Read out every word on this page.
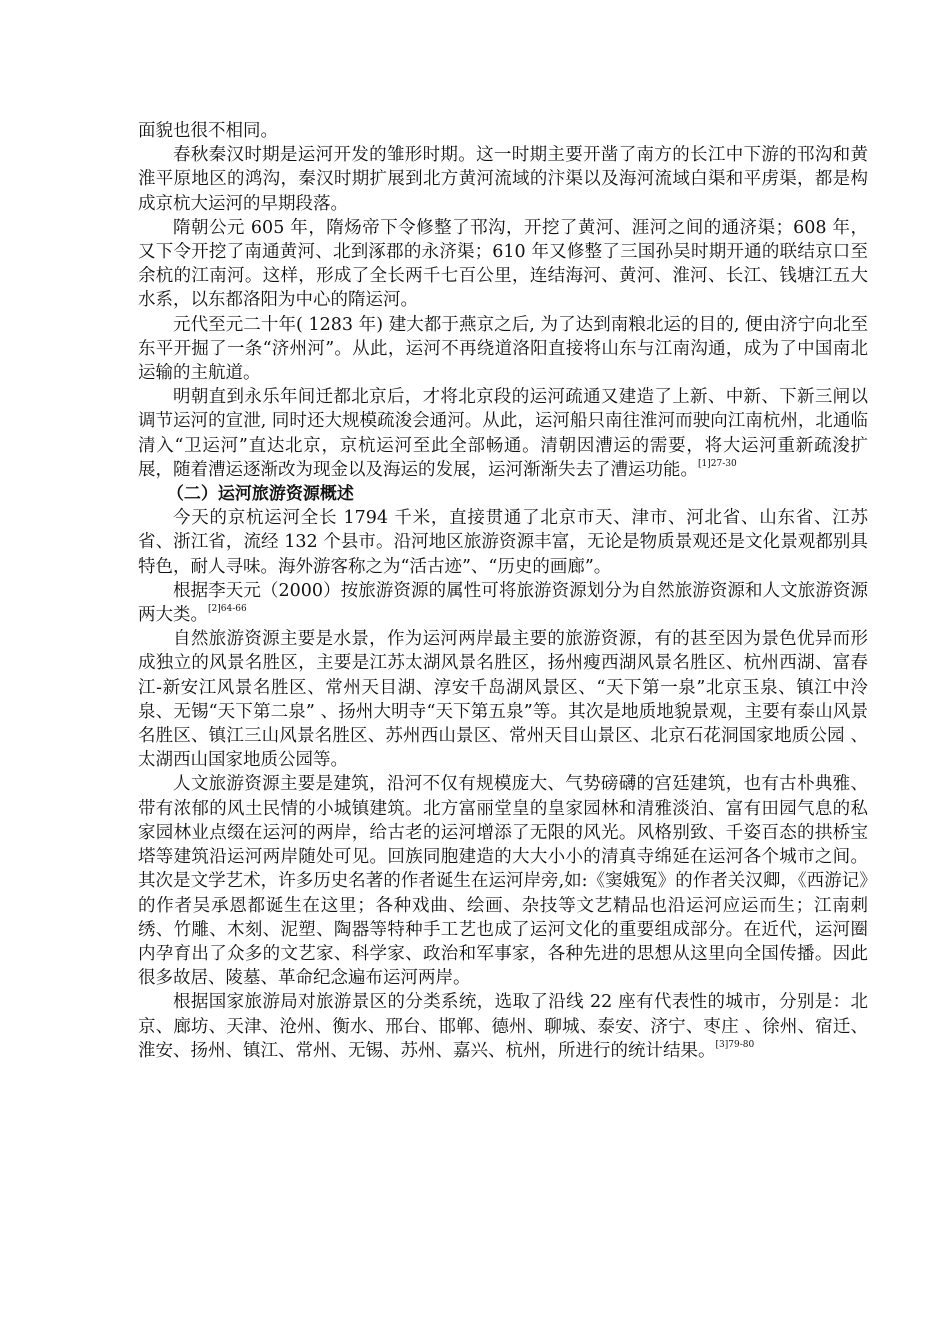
面貌也很不相同。

春秋秦汉时期是运河开发的雏形时期。这一时期主要开凿了南方的长江中下游的邗沟和黄淮平原地区的鸿沟，秦汉时期扩展到北方黄河流域的汴渠以及海河流域白渠和平虏渠，都是构成京杭大运河的早期段落。

隋朝公元 605 年，隋炀帝下令修整了邗沟，开挖了黄河、涯河之间的通济渠；608 年，又下令开挖了南通黄河、北到涿郡的永济渠；610 年又修整了三国孙吴时期开通的联结京口至余杭的江南河。这样，形成了全长两千七百公里，连结海河、黄河、淮河、长江、钱塘江五大水系，以东都洛阳为中心的隋运河。

元代至元二十年( 1283 年) 建大都于燕京之后, 为了达到南粮北运的目的, 便由济宁向北至东平开掘了一条“济州河”。从此，运河不再绕道洛阳直接将山东与江南沟通，成为了中国南北运输的主航道。

明朝直到永乐年间迁都北京后，才将北京段的运河疏通又建造了上新、中新、下新三闸以调节运河的宣泄, 同时还大规模疏浚会通河。从此，运河船只南往淮河而驶向江南杭州，北通临清入“卫运河”直达北京，京杭运河至此全部畅通。清朝因漕运的需要，将大运河重新疏浚扩展，随着漕运逐渐改为现金以及海运的发展，运河渐渐失去了漕运功能。$^{[1]27-30}$

（二）运河旅游资源概述

今天的京杭运河全长 1794 千米，直接贯通了北京市天、津市、河北省、山东省、江苏省、浙江省，流经 132 个县市。沿河地区旅游资源丰富，无论是物质景观还是文化景观都别具特色，耐人寻味。海外游客称之为“活古迹”、“历史的画廊”。

根据李天元（2000）按旅游资源的属性可将旅游资源划分为自然旅游资源和人文旅游资源两大类。$^{[2]64-66}$

自然旅游资源主要是水景，作为运河两岸最主要的旅游资源，有的甚至因为景色优异而形成独立的风景名胜区，主要是江苏太湖风景名胜区，扬州瘦西湖风景名胜区、杭州西湖、富春江-新安江风景名胜区、常州天目湖、淳安千岛湖风景区、“天下第一泉”北京玉泉、镇江中泠泉、无锡“天下第二泉” 、扬州大明寺“天下第五泉”等。其次是地质地貌景观，主要有泰山风景名胜区、镇江三山风景名胜区、苏州西山景区、常州天目山景区、北京石花洞国家地质公园 、太湖西山国家地质公园等。

人文旅游资源主要是建筑，沿河不仅有规模庞大、气势磅礴的宫廷建筑，也有古朴典雅、带有浓郁的风土民情的小城镇建筑。北方富丽堂皇的皇家园林和清雅淡泊、富有田园气息的私家园林业点缀在运河的两岸，给古老的运河增添了无限的风光。风格别致、千姿百态的拱桥宝塔等建筑沿运河两岸随处可见。回族同胞建造的大大小小的清真寺绵延在运河各个城市之间。其次是文学艺术，许多历史名著的作者诞生在运河岸旁,如:《窦娥冤》的作者关汉卿，《西游记》的作者吴承恩都诞生在这里；各种戏曲、绘画、杂技等文艺精品也沿运河应运而生；江南刺绣、竹雕、木刻、泥塑、陶器等特种手工艺也成了运河文化的重要组成部分。在近代，运河圈内孕育出了众多的文艺家、科学家、政治和军事家，各种先进的思想从这里向全国传播。因此很多故居、陵墓、革命纪念遍布运河两岸。

根据国家旅游局对旅游景区的分类系统，选取了沿线 22 座有代表性的城市，分别是：北京、廊坊、天津、沧州、衡水、邢台、邯郸、德州、聊城、泰安、济宁、枣庄 、徐州、宿迁、淮安、扬州、镇江、常州、无锡、苏州、嘉兴、杭州，所进行的统计结果。$^{[3]79-80}$
